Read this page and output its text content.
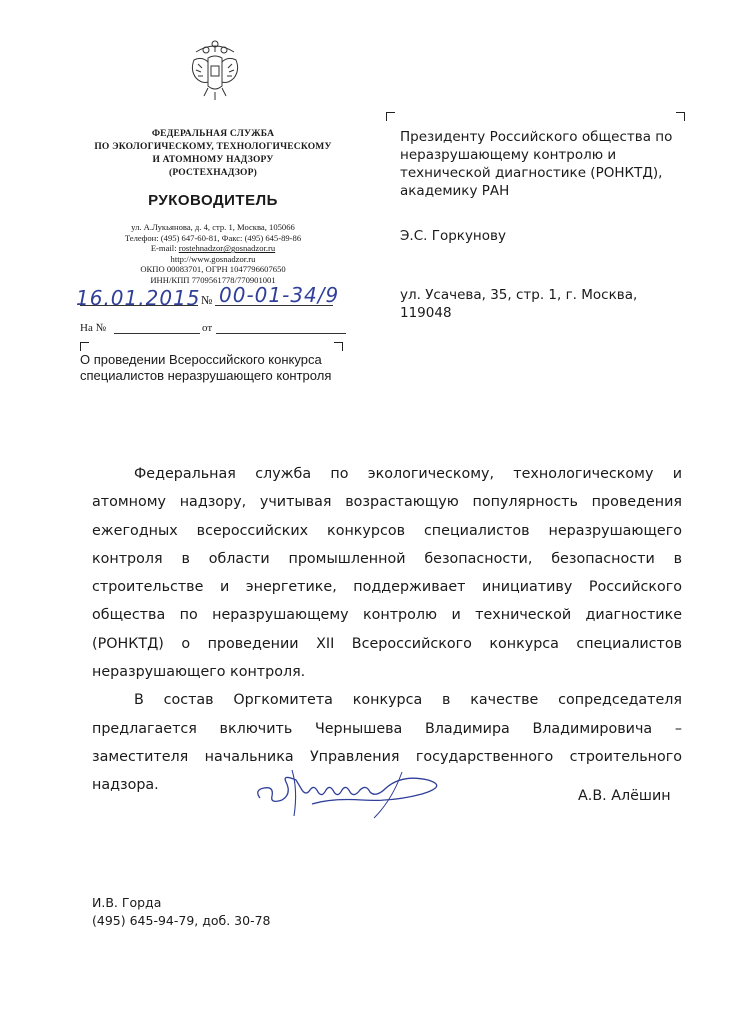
ФЕДЕРАЛЬНАЯ СЛУЖБА
ПО ЭКОЛОГИЧЕСКОМУ, ТЕХНОЛОГИЧЕСКОМУ
И АТОМНОМУ НАДЗОРУ
(РОСТЕХНАДЗОР)
РУКОВОДИТЕЛЬ
ул. А.Лукьянова, д. 4, стр. 1, Москва, 105066
Телефон: (495) 647-60-81, Факс: (495) 645-89-86
E-mail: rostehnadzor@gosnadzor.ru
http://www.gosnadzor.ru
ОКПО 00083701, ОГРН 1047796607650
ИНН/КПП 7709561778/770901001
16.01.2015 № 00-01-34/9
На №	от
О проведении Всероссийского конкурса специалистов неразрушающего контроля
Президенту Российского общества по неразрушающему контролю и технической диагностике (РОНКТД), академику РАН
Э.С. Горкунову
ул. Усачева, 35, стр. 1, г. Москва, 119048

Федеральная служба по экологическому, технологическому и атомному надзору, учитывая возрастающую популярность проведения ежегодных всероссийских конкурсов специалистов неразрушающего контроля в области промышленной безопасности, безопасности в строительстве и энергетике, поддерживает инициативу Российского общества по неразрушающему контролю и технической диагностике (РОНКТД) о проведении XII Всероссийского конкурса специалистов неразрушающего контроля.

В состав Оргкомитета конкурса в качестве сопредседателя предлагается включить Чернышева Владимира Владимировича – заместителя начальника Управления государственного строительного надзора.

А.В. Алёшин
И.В. Горда
(495) 645-94-79, доб. 30-78
